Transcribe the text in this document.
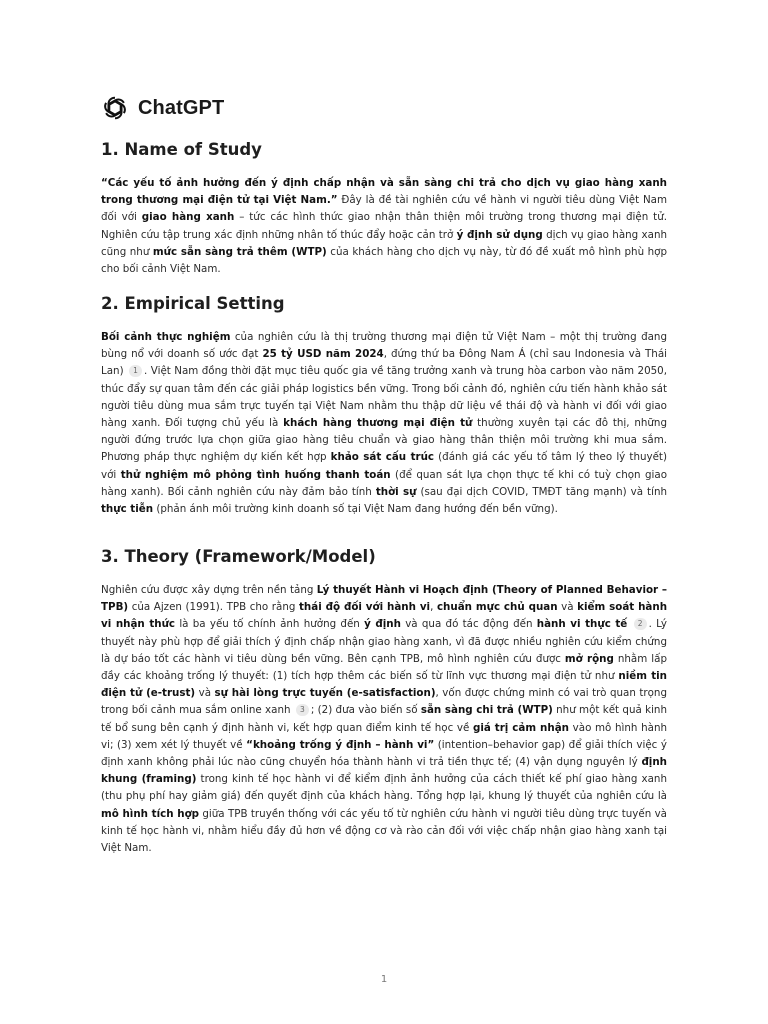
ChatGPT
1. Name of Study
“Các yếu tố ảnh hưởng đến ý định chấp nhận và sẵn sàng chi trả cho dịch vụ giao hàng xanh trong thương mại điện tử tại Việt Nam.” Đây là đề tài nghiên cứu về hành vi người tiêu dùng Việt Nam đối với giao hàng xanh – tức các hình thức giao nhận thân thiện môi trường trong thương mại điện tử. Nghiên cứu tập trung xác định những nhân tố thúc đẩy hoặc cản trở ý định sử dụng dịch vụ giao hàng xanh cũng như mức sẵn sàng trả thêm (WTP) của khách hàng cho dịch vụ này, từ đó đề xuất mô hình phù hợp cho bối cảnh Việt Nam.
2. Empirical Setting
Bối cảnh thực nghiệm của nghiên cứu là thị trường thương mại điện tử Việt Nam – một thị trường đang bùng nổ với doanh số ước đạt 25 tỷ USD năm 2024, đứng thứ ba Đông Nam Á (chỉ sau Indonesia và Thái Lan) 1 . Việt Nam đồng thời đặt mục tiêu quốc gia về tăng trưởng xanh và trung hòa carbon vào năm 2050, thúc đẩy sự quan tâm đến các giải pháp logistics bền vững. Trong bối cảnh đó, nghiên cứu tiến hành khảo sát người tiêu dùng mua sắm trực tuyến tại Việt Nam nhằm thu thập dữ liệu về thái độ và hành vi đối với giao hàng xanh. Đối tượng chủ yếu là khách hàng thương mại điện tử thường xuyên tại các đô thị, những người đứng trước lựa chọn giữa giao hàng tiêu chuẩn và giao hàng thân thiện môi trường khi mua sắm. Phương pháp thực nghiệm dự kiến kết hợp khảo sát cấu trúc (đánh giá các yếu tố tâm lý theo lý thuyết) với thử nghiệm mô phỏng tình huống thanh toán (để quan sát lựa chọn thực tế khi có tuỳ chọn giao hàng xanh). Bối cảnh nghiên cứu này đảm bảo tính thời sự (sau đại dịch COVID, TMĐT tăng mạnh) và tính thực tiễn (phản ánh môi trường kinh doanh số tại Việt Nam đang hướng đến bền vững).
3. Theory (Framework/Model)
Nghiên cứu được xây dựng trên nền tảng Lý thuyết Hành vi Hoạch định (Theory of Planned Behavior – TPB) của Ajzen (1991). TPB cho rằng thái độ đối với hành vi, chuẩn mực chủ quan và kiểm soát hành vi nhận thức là ba yếu tố chính ảnh hưởng đến ý định và qua đó tác động đến hành vi thực tế 2 . Lý thuyết này phù hợp để giải thích ý định chấp nhận giao hàng xanh, vì đã được nhiều nghiên cứu kiểm chứng là dự báo tốt các hành vi tiêu dùng bền vững. Bên cạnh TPB, mô hình nghiên cứu được mở rộng nhằm lấp đầy các khoảng trống lý thuyết: (1) tích hợp thêm các biến số từ lĩnh vực thương mại điện tử như niềm tin điện tử (e-trust) và sự hài lòng trực tuyến (e-satisfaction), vốn được chứng minh có vai trò quan trọng trong bối cảnh mua sắm online xanh 3 ; (2) đưa vào biến số sẵn sàng chi trả (WTP) như một kết quả kinh tế bổ sung bên cạnh ý định hành vi, kết hợp quan điểm kinh tế học về giá trị cảm nhận vào mô hình hành vi; (3) xem xét lý thuyết về “khoảng trống ý định – hành vi” (intention–behavior gap) để giải thích việc ý định xanh không phải lúc nào cũng chuyển hóa thành hành vi trả tiền thực tế; (4) vận dụng nguyên lý định khung (framing) trong kinh tế học hành vi để kiểm định ảnh hưởng của cách thiết kế phí giao hàng xanh (thu phụ phí hay giảm giá) đến quyết định của khách hàng. Tổng hợp lại, khung lý thuyết của nghiên cứu là mô hình tích hợp giữa TPB truyền thống với các yếu tố từ nghiên cứu hành vi người tiêu dùng trực tuyến và kinh tế học hành vi, nhằm hiểu đầy đủ hơn về động cơ và rào cản đối với việc chấp nhận giao hàng xanh tại Việt Nam.
1
